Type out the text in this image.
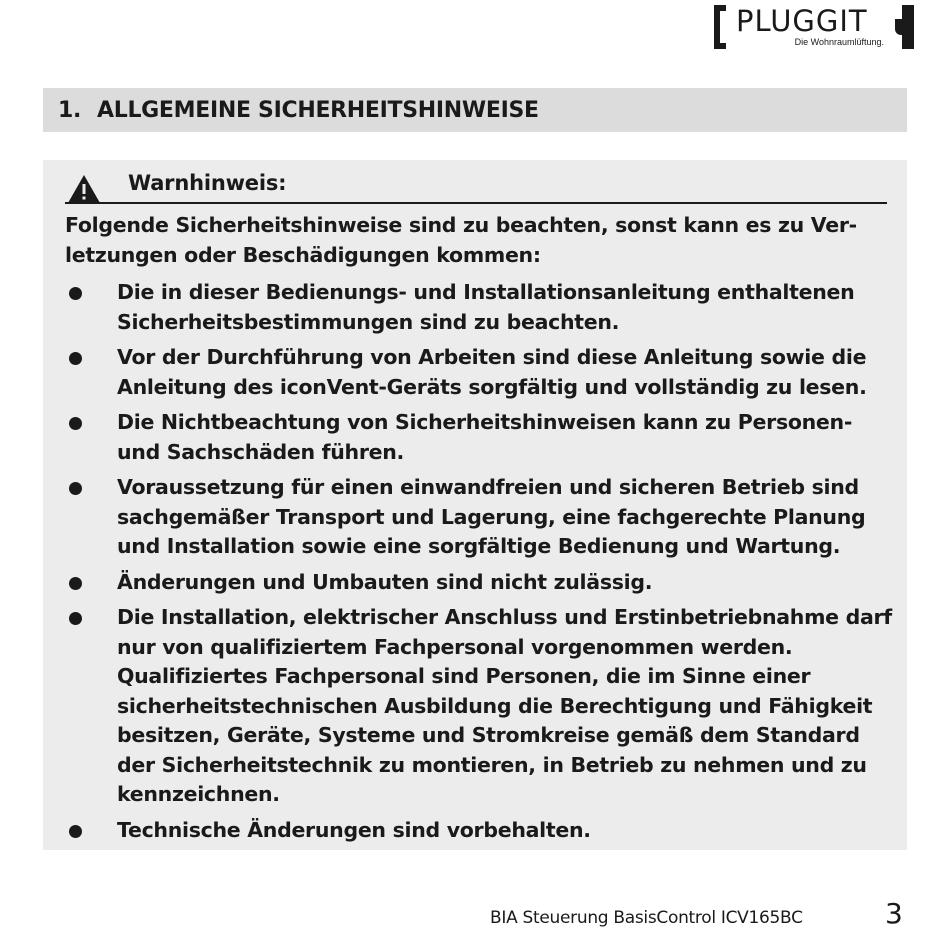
PLUGGIT
Die Wohnraumlüftung.
1. ALLGEMEINE SICHERHEITSHINWEISE
Warnhinweis:
Folgende Sicherheitshinweise sind zu beachten, sonst kann es zu Ver-letzungen oder Beschädigungen kommen:
Die in dieser Bedienungs- und Installationsanleitung enthaltenen Sicherheitsbestimmungen sind zu beachten.
Vor der Durchführung von Arbeiten sind diese Anleitung sowie die Anleitung des iconVent-Geräts sorgfältig und vollständig zu lesen.
Die Nichtbeachtung von Sicherheitshinweisen kann zu Personen- und Sachschäden führen.
Voraussetzung für einen einwandfreien und sicheren Betrieb sind sachgemäßer Transport und Lagerung, eine fachgerechte Planung und Installation sowie eine sorgfältige Bedienung und Wartung.
Änderungen und Umbauten sind nicht zulässig.
Die Installation, elektrischer Anschluss und Erstinbetriebnahme darf nur von qualifiziertem Fachpersonal vorgenommen werden. Qualifiziertes Fachpersonal sind Personen, die im Sinne einer sicherheitstechnischen Ausbildung die Berechtigung und Fähigkeit besitzen, Geräte, Systeme und Stromkreise gemäß dem Standard der Sicherheitstechnik zu montieren, in Betrieb zu nehmen und zu kennzeichnen.
Technische Änderungen sind vorbehalten.
BIA Steuerung BasisControl ICV165BC	3
